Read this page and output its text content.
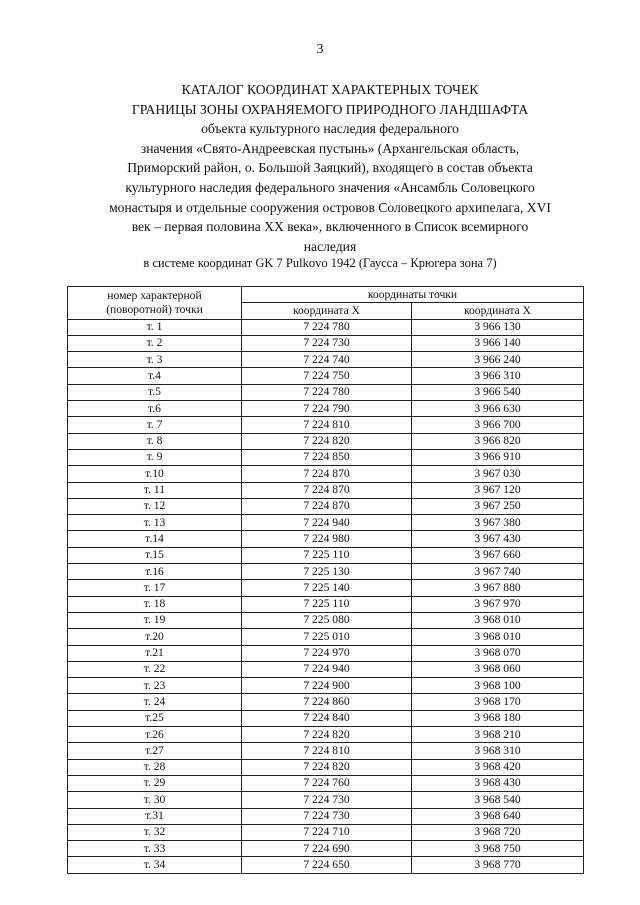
3
КАТАЛОГ КООРДИНАТ ХАРАКТЕРНЫХ ТОЧЕК
ГРАНИЦЫ ЗОНЫ ОХРАНЯЕМОГО ПРИРОДНОГО ЛАНДШАФТА
объекта культурного наследия федерального
значения «Свято-Андреевская пустынь» (Архангельская область,
Приморский район, о. Большой Заяцкий), входящего в состав объекта
культурного наследия федерального значения «Ансамбль Соловецкого
монастыря и отдельные сооружения островов Соловецкого архипелага, XVI
век – первая половина XX века», включенного в Список всемирного
наследия
в системе координат GK 7 Pulkovo 1942 (Гаусса – Крюгера зона 7)
номер характерной
(поворотной) точки	координаты точки	
	координата X	координата X
т. 1	7 224 780	3 966 130
т. 2	7 224 730	3 966 140
т. 3	7 224 740	3 966 240
т.4	7 224 750	3 966 310
т.5	7 224 780	3 966 540
т.6	7 224 790	3 966 630
т. 7	7 224 810	3 966 700
т. 8	7 224 820	3 966 820
т. 9	7 224 850	3 966 910
т.10	7 224 870	3 967 030
т. 11	7 224 870	3 967 120
т. 12	7 224 870	3 967 250
т. 13	7 224 940	3 967 380
т.14	7 224 980	3 967 430
т.15	7 225 110	3 967 660
т.16	7 225 130	3 967 740
т. 17	7 225 140	3 967 880
т. 18	7 225 110	3 967 970
т. 19	7 225 080	3 968 010
т.20	7 225 010	3 968 010
т.21	7 224 970	3 968 070
т. 22	7 224 940	3 968 060
т. 23	7 224 900	3 968 100
т. 24	7 224 860	3 968 170
т.25	7 224 840	3 968 180
т.26	7 224 820	3 968 210
т.27	7 224 810	3 968 310
т. 28	7 224 820	3 968 420
т. 29	7 224 760	3 968 430
т. 30	7 224 730	3 968 540
т.31	7 224 730	3 968 640
т. 32	7 224 710	3 968 720
т. 33	7 224 690	3 968 750
т. 34	7 224 650	3 968 770
